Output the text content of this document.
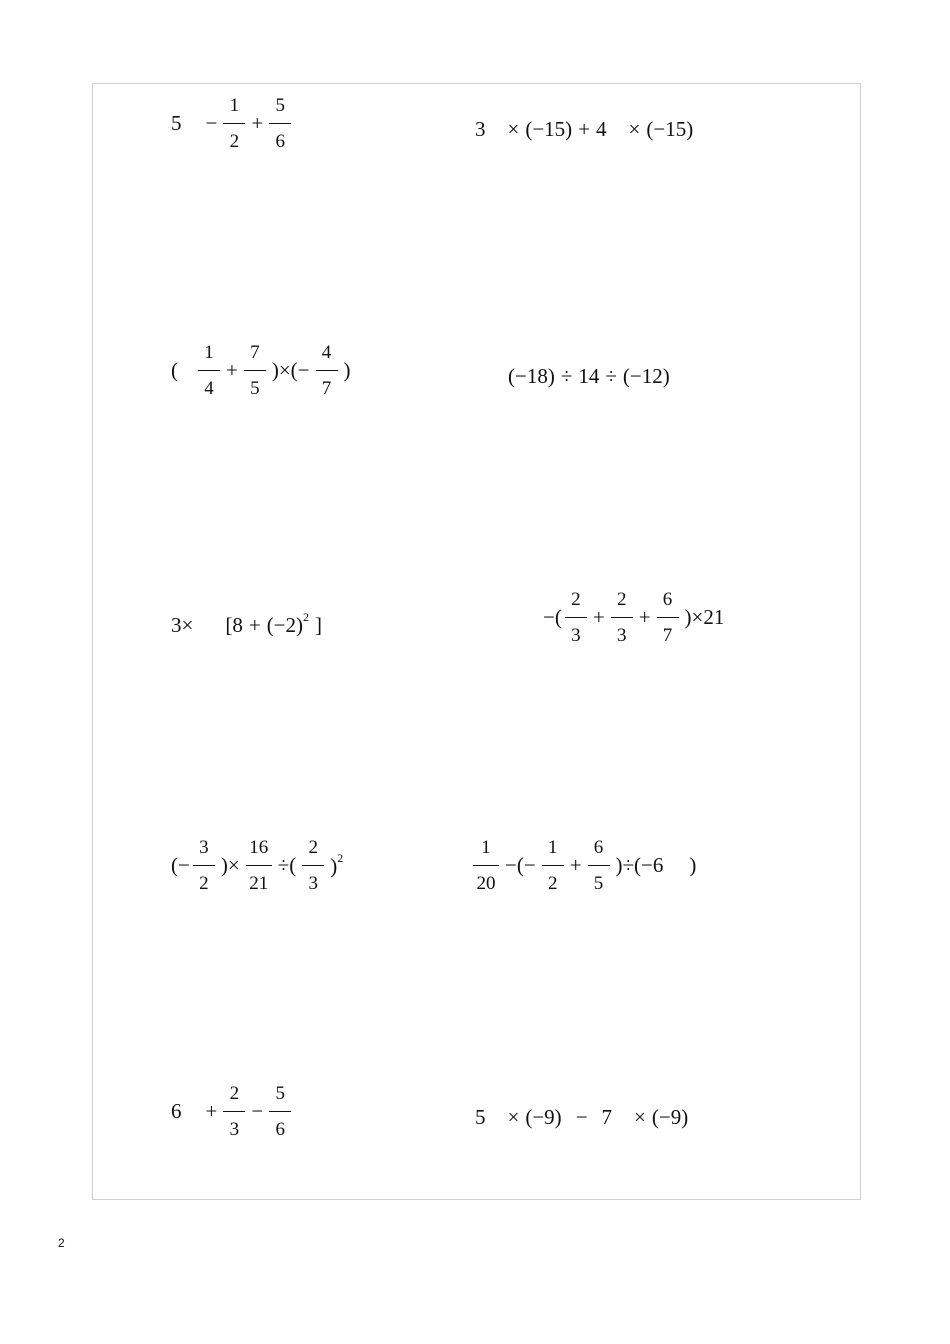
$5 - \frac{1}{2} + \frac{5}{6}$	3 × (−15) + 4 × (−15)
( $\frac{1}{4} + \frac{7}{5}$ )×(− $\frac{4}{7}$ )	(−18) ÷ 14 ÷ (−12)
$3\times [8 + (-2)^2$ ]	−( $\frac{2}{3} + \frac{2}{3} + \frac{6}{7} )\times 21$
(− $\frac{3}{2}$ )× $\frac{16}{21}$ ÷( $\frac{2}{3} )^2$	$\frac{1}{20}$ −(− $\frac{1}{2} + \frac{6}{5} )\div(-6$ )
$6 + \frac{2}{3} - \frac{5}{6}$	5 × (−9) − 7 × (−9)
2
